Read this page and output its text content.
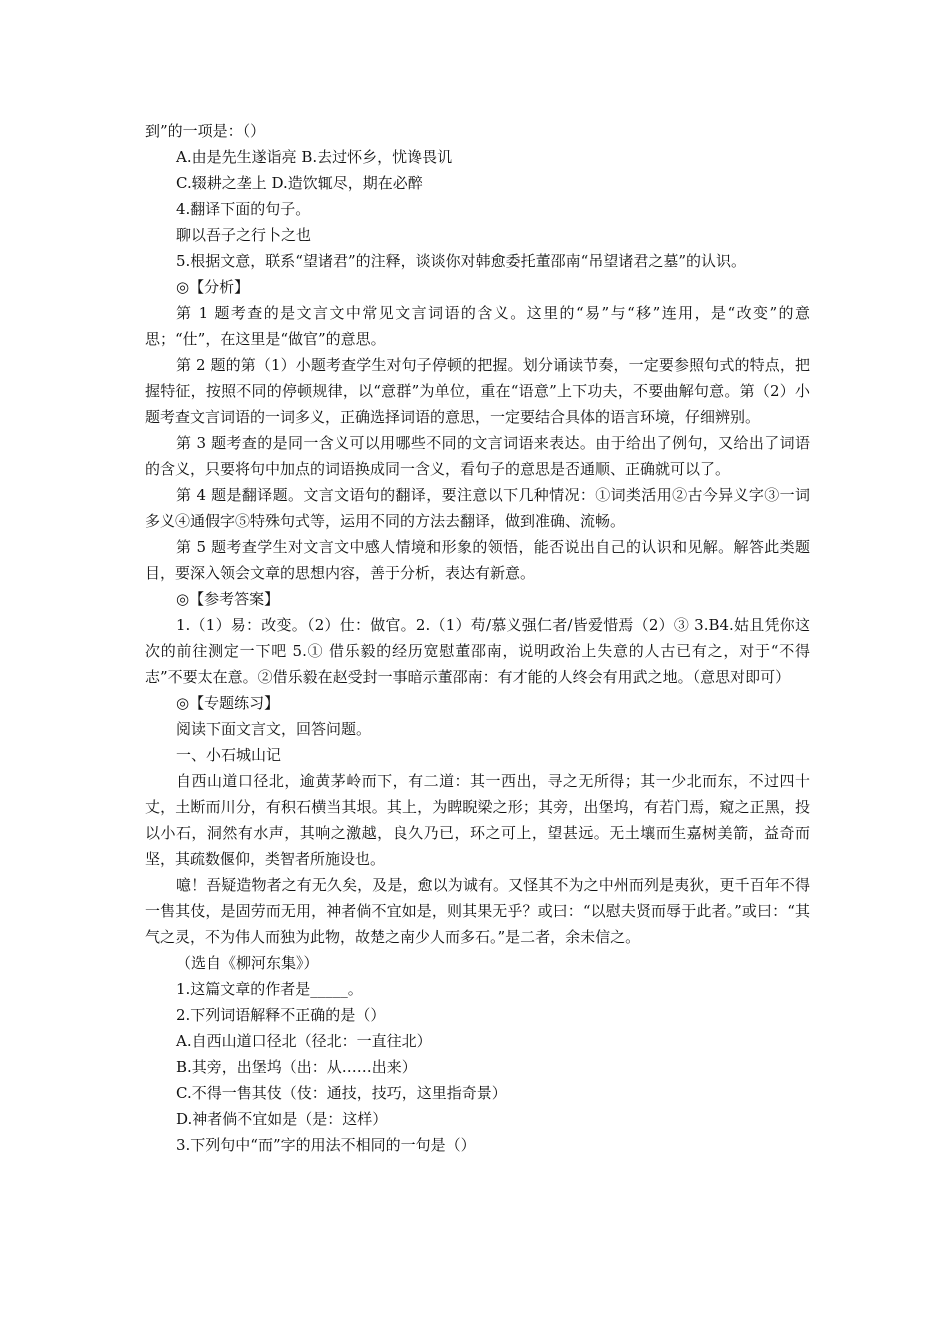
到”的一项是：（）

A.由是先生遂诣亮 B.去过怀乡，忧谗畏讥

C.辍耕之垄上 D.造饮辄尽，期在必醉

4.翻译下面的句子。

聊以吾子之行卜之也

5.根据文意，联系“望诸君”的注释，谈谈你对韩愈委托董邵南“吊望诸君之墓”的认识。

◎【分析】

第 1 题考查的是文言文中常见文言词语的含义。这里的“易”与“移”连用，是“改变”的意思；“仕”，在这里是“做官”的意思。

第 2 题的第（1）小题考查学生对句子停顿的把握。划分诵读节奏，一定要参照句式的特点，把握特征，按照不同的停顿规律，以“意群”为单位，重在“语意”上下功夫，不要曲解句意。第（2）小题考查文言词语的一词多义，正确选择词语的意思，一定要结合具体的语言环境，仔细辨别。

第 3 题考查的是同一含义可以用哪些不同的文言词语来表达。由于给出了例句，又给出了词语的含义，只要将句中加点的词语换成同一含义，看句子的意思是否通顺、正确就可以了。

第 4 题是翻译题。文言文语句的翻译，要注意以下几种情况：①词类活用②古今异义字③一词多义④通假字⑤特殊句式等，运用不同的方法去翻译，做到准确、流畅。

第 5 题考查学生对文言文中感人情境和形象的领悟，能否说出自己的认识和见解。解答此类题目，要深入领会文章的思想内容，善于分析，表达有新意。

◎【参考答案】

1.（1）易：改变。（2）仕：做官。2.（1）苟/慕义强仁者/皆爱惜焉（2）③ 3.B4.姑且凭你这次的前往测定一下吧 5.① 借乐毅的经历宽慰董邵南，说明政治上失意的人古已有之，对于“不得志”不要太在意。②借乐毅在赵受封一事暗示董邵南：有才能的人终会有用武之地。（意思对即可）

◎【专题练习】

阅读下面文言文，回答问题。

一、小石城山记

自西山道口径北，逾黄茅岭而下，有二道：其一西出，寻之无所得；其一少北而东，不过四十丈，土断而川分，有积石横当其垠。其上，为睥睨梁之形；其旁，出堡坞，有若门焉，窥之正黑，投以小石，洞然有水声，其响之激越，良久乃已，环之可上，望甚远。无土壤而生嘉树美箭，益奇而坚，其疏数偃仰，类智者所施设也。

噫！吾疑造物者之有无久矣，及是，愈以为诚有。又怪其不为之中州而列是夷狄，更千百年不得一售其伎，是固劳而无用，神者倘不宜如是，则其果无乎？或曰：“以慰夫贤而辱于此者。”或曰：“其气之灵，不为伟人而独为此物，故楚之南少人而多石。”是二者，余未信之。

（选自《柳河东集》）

1.这篇文章的作者是_____。

2.下列词语解释不正确的是（）

A.自西山道口径北（径北：一直往北）

B.其旁，出堡坞（出：从……出来）

C.不得一售其伎（伎：通技，技巧，这里指奇景）

D.神者倘不宜如是（是：这样）

3.下列句中“而”字的用法不相同的一句是（）
